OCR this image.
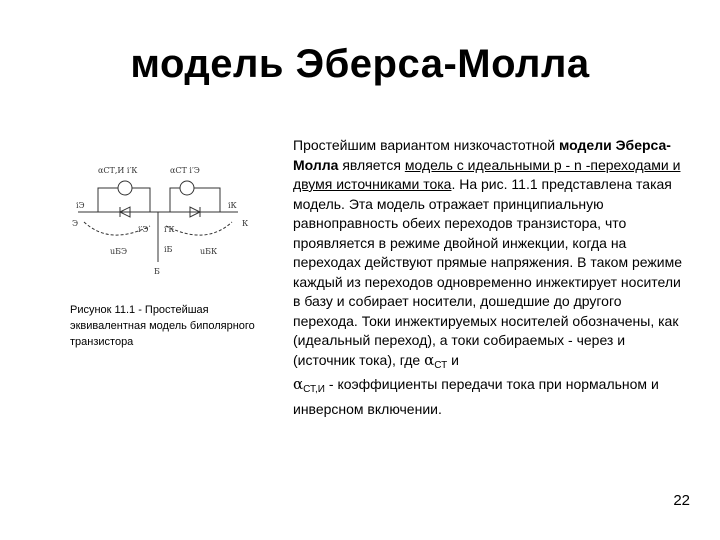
модель Эберса-Молла
αСТ,И i′К	αСТ i′Э
iЭ	iК
Э	К
i′Э i′К
iБ
uБЭ	uБК
Б
Рисунок 11.1 - Простейшая эквивалентная модель биполярного транзистора
Простейшим вариантом низкочастотной модели Эберса-Молла является модель с идеальными p - n -переходами и двумя источниками тока. На рис. 11.1 представлена такая модель. Эта модель отражает принципиальную равноправность обеих переходов транзистора, что проявляется в режиме двойной инжекции, когда на переходах действуют прямые напряжения. В таком режиме каждый из переходов одновременно инжектирует носители в базу и собирает носители, дошедшие до другого перехода. Токи инжектируемых носителей обозначены, как (идеальный переход), а токи собираемых - через и (источник тока), где $\alpha_{СТ}$ и
$\alpha_{СТ,И}$ - коэффициенты передачи тока при нормальном и инверсном включении.
22
